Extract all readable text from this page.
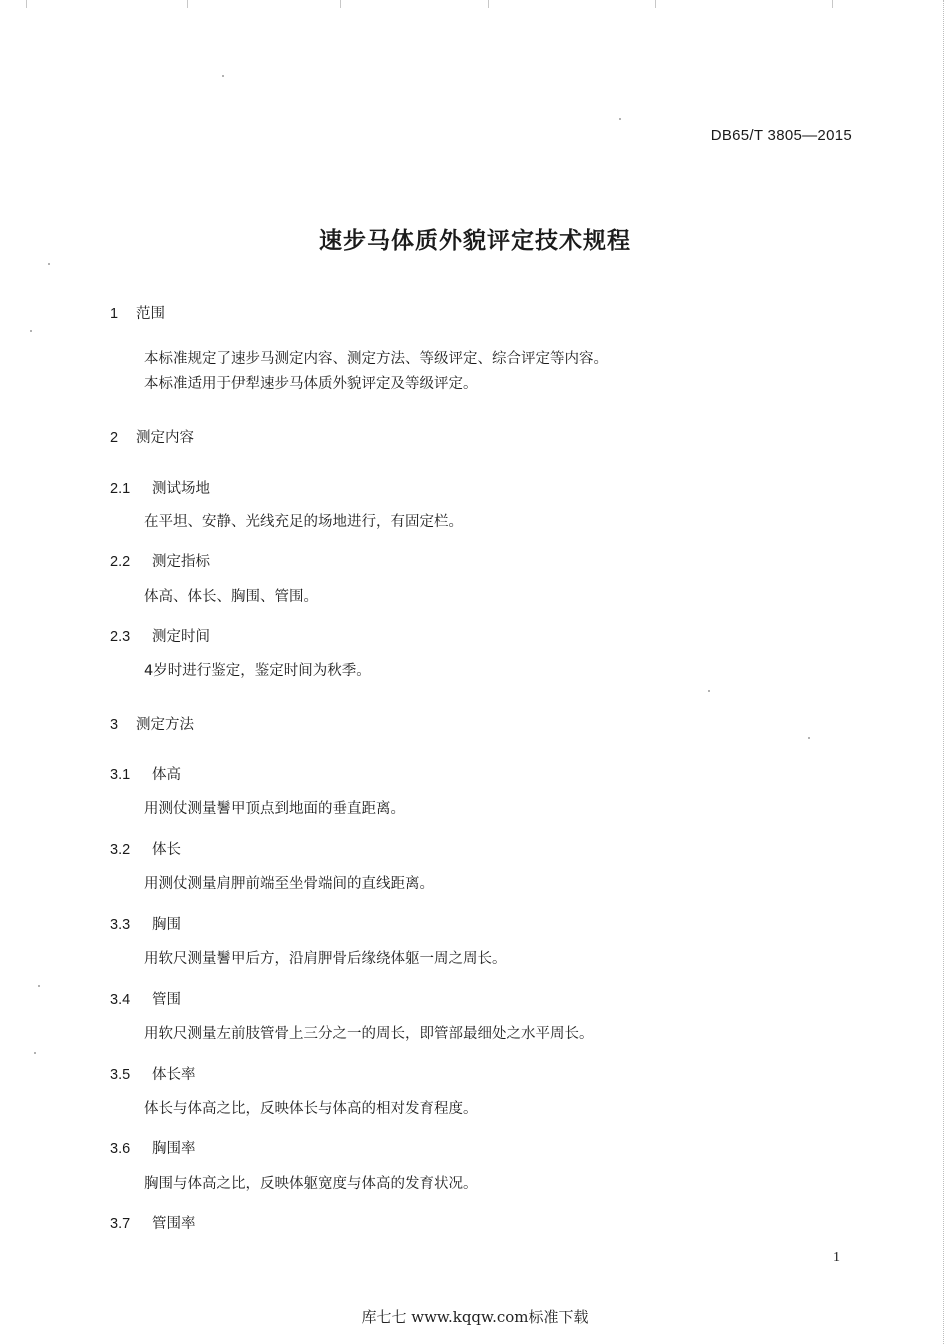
DB65/T 3805—2015
速步马体质外貌评定技术规程
1 范围
本标准规定了速步马测定内容、测定方法、等级评定、综合评定等内容。
本标准适用于伊犁速步马体质外貌评定及等级评定。
2 测定内容
2.1 测试场地
在平坦、安静、光线充足的场地进行，有固定栏。
2.2 测定指标
体高、体长、胸围、管围。
2.3 测定时间
4岁时进行鉴定，鉴定时间为秋季。
3 测定方法
3.1 体高
用测仗测量鬐甲顶点到地面的垂直距离。
3.2 体长
用测仗测量肩胛前端至坐骨端间的直线距离。
3.3 胸围
用软尺测量鬐甲后方，沿肩胛骨后缘绕体躯一周之周长。
3.4 管围
用软尺测量左前肢管骨上三分之一的周长，即管部最细处之水平周长。
3.5 体长率
体长与体高之比，反映体长与体高的相对发育程度。
3.6 胸围率
胸围与体高之比，反映体躯宽度与体高的发育状况。
3.7 管围率
1
库七七 www.kqqw.com标准下载
